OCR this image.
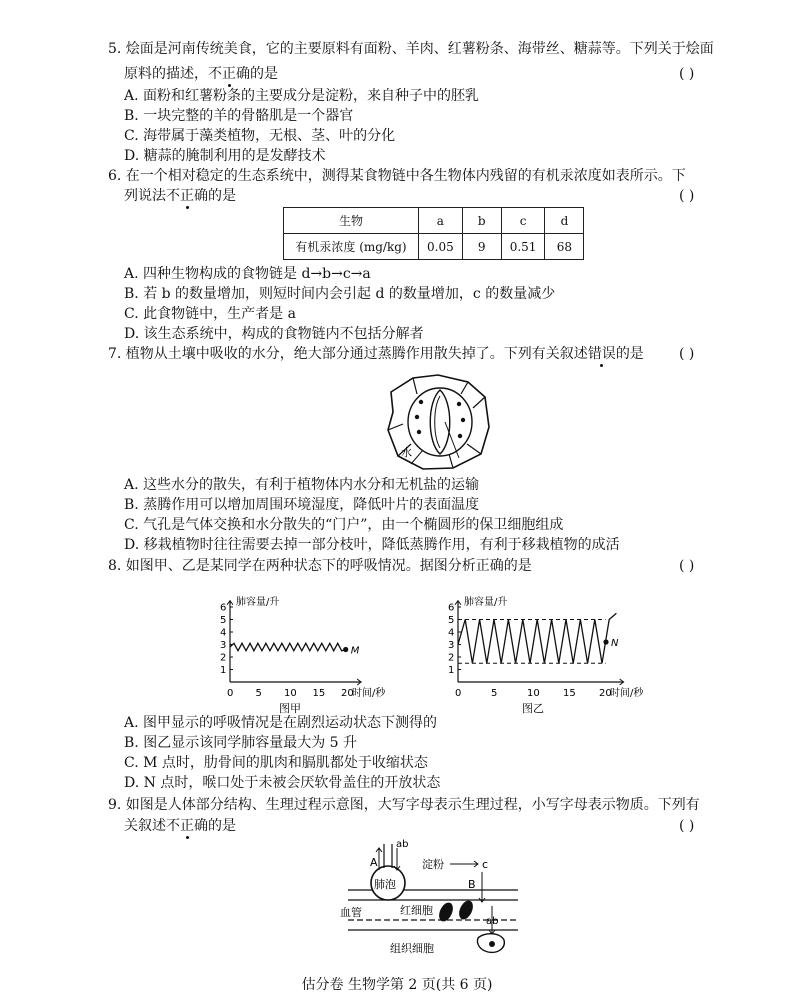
5. 烩面是河南传统美食，它的主要原料有面粉、羊肉、红薯粉条、海带丝、糖蒜等。下列关于烩面
原料的描述，不正确的是	( )
A. 面粉和红薯粉条的主要成分是淀粉，来自种子中的胚乳
B. 一块完整的羊的骨骼肌是一个器官
C. 海带属于藻类植物，无根、茎、叶的分化
D. 糖蒜的腌制利用的是发酵技术
6. 在一个相对稳定的生态系统中，测得某食物链中各生物体内残留的有机汞浓度如表所示。下
列说法不正确的是	( )
生物	a	b	c	d
有机汞浓度 (mg/kg)	0.05	9	0.51	68
A. 四种生物构成的食物链是 d→b→c→a
B. 若 b 的数量增加，则短时间内会引起 d 的数量增加，c 的数量减少
C. 此食物链中，生产者是 a
D. 该生态系统中，构成的食物链内不包括分解者
7. 植物从土壤中吸收的水分，绝大部分通过蒸腾作用散失掉了。下列有关叙述错误的是	( )
水
A. 这些水分的散失，有利于植物体内水分和无机盐的运输
B. 蒸腾作用可以增加周围环境湿度，降低叶片的表面温度
C. 气孔是气体交换和水分散失的“门户”，由一个椭圆形的保卫细胞组成
D. 移栽植物时往往需要去掉一部分枝叶，降低蒸腾作用，有利于移栽植物的成活
8. 如图甲、乙是某同学在两种状态下的呼吸情况。据图分析正确的是	( )
1
2
3
4
5
6
0 5 10 15 20
肺容量/升
时间/秒
M
图甲
1
2
3
4
5
6
0	5	10 15 20
肺容量/升
时间/秒
N
图乙
A. 图甲显示的呼吸情况是在剧烈运动状态下测得的
B. 图乙显示该同学肺容量最大为 5 升
C. M 点时，肋骨间的肌肉和膈肌都处于收缩状态
D. N 点时，喉口处于未被会厌软骨盖住的开放状态
9. 如图是人体部分结构、生理过程示意图，大写字母表示生理过程，小写字母表示物质。下列有
关叙述不正确的是	( )
A
ab
肺泡
淀粉	c
B
血管	红细胞
ab
组织细胞
估分卷 生物学第 2 页(共 6 页)
